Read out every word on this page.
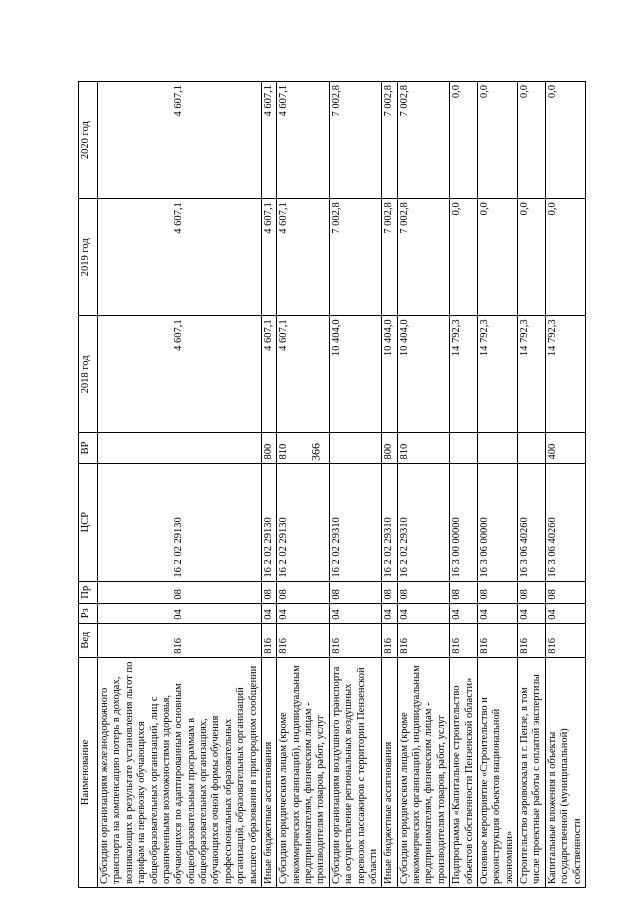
366
Наименование	Вед	Рз	Пр	ЦСР	ВР	2018 год	2019 год	2020 год
Субсидии организациям железнодорожного транспорта на компенсацию потерь в доходах, возникающих в результате установления льгот по тарифам на перевозку обучающихся общеобразовательных организаций, лиц с ограниченными возможностями здоровья, обучающихся по адаптированным основным общеобразовательным программам в общеобразовательных организациях, обучающихся очной формы обучения профессиональных образовательных организаций, образовательных организаций высшего образования в пригородном сообщении	816	04	08	16 2 02 29130		4 607,1	4 607,1	4 607,1
Иные бюджетные ассигнования	816	04	08	16 2 02 29130	800	4 607,1	4 607,1	4 607,1
Субсидии юридическим лицам (кроме некоммерческих организаций), индивидуальным предпринимателям, физическим лицам - производителям товаров, работ, услуг	816	04	08	16 2 02 29130	810	4 607,1	4 607,1	4 607,1
Субсидии организациям воздушного транспорта на осуществление региональных воздушных перевозок пассажиров с территории Пензенской области	816	04	08	16 2 02 29310		10 404,0	7 002,8	7 002,8
Иные бюджетные ассигнования	816	04	08	16 2 02 29310	800	10 404,0	7 002,8	7 002,8
Субсидии юридическим лицам (кроме некоммерческих организаций), индивидуальным предпринимателям, физическим лицам - производителям товаров, работ, услуг	816	04	08	16 2 02 29310	810	10 404,0	7 002,8	7 002,8
Подпрограмма «Капитальное строительство объектов собственности Пензенской области»	816	04	08	16 3 00 00000		14 792,3	0,0	0,0
Основное мероприятие «Строительство и реконструкция объектов национальной экономики»	816	04	08	16 3 06 00000		14 792,3	0,0	0,0
Строительство аэровокзала в г. Пензе, в том числе проектные работы с оплатой экспертизы	816	04	08	16 3 06 40260		14 792,3	0,0	0,0
Капитальные вложения в объекты государственной (муниципальной) собственности	816	04	08	16 3 06 40260	400	14 792,3	0,0	0,0
